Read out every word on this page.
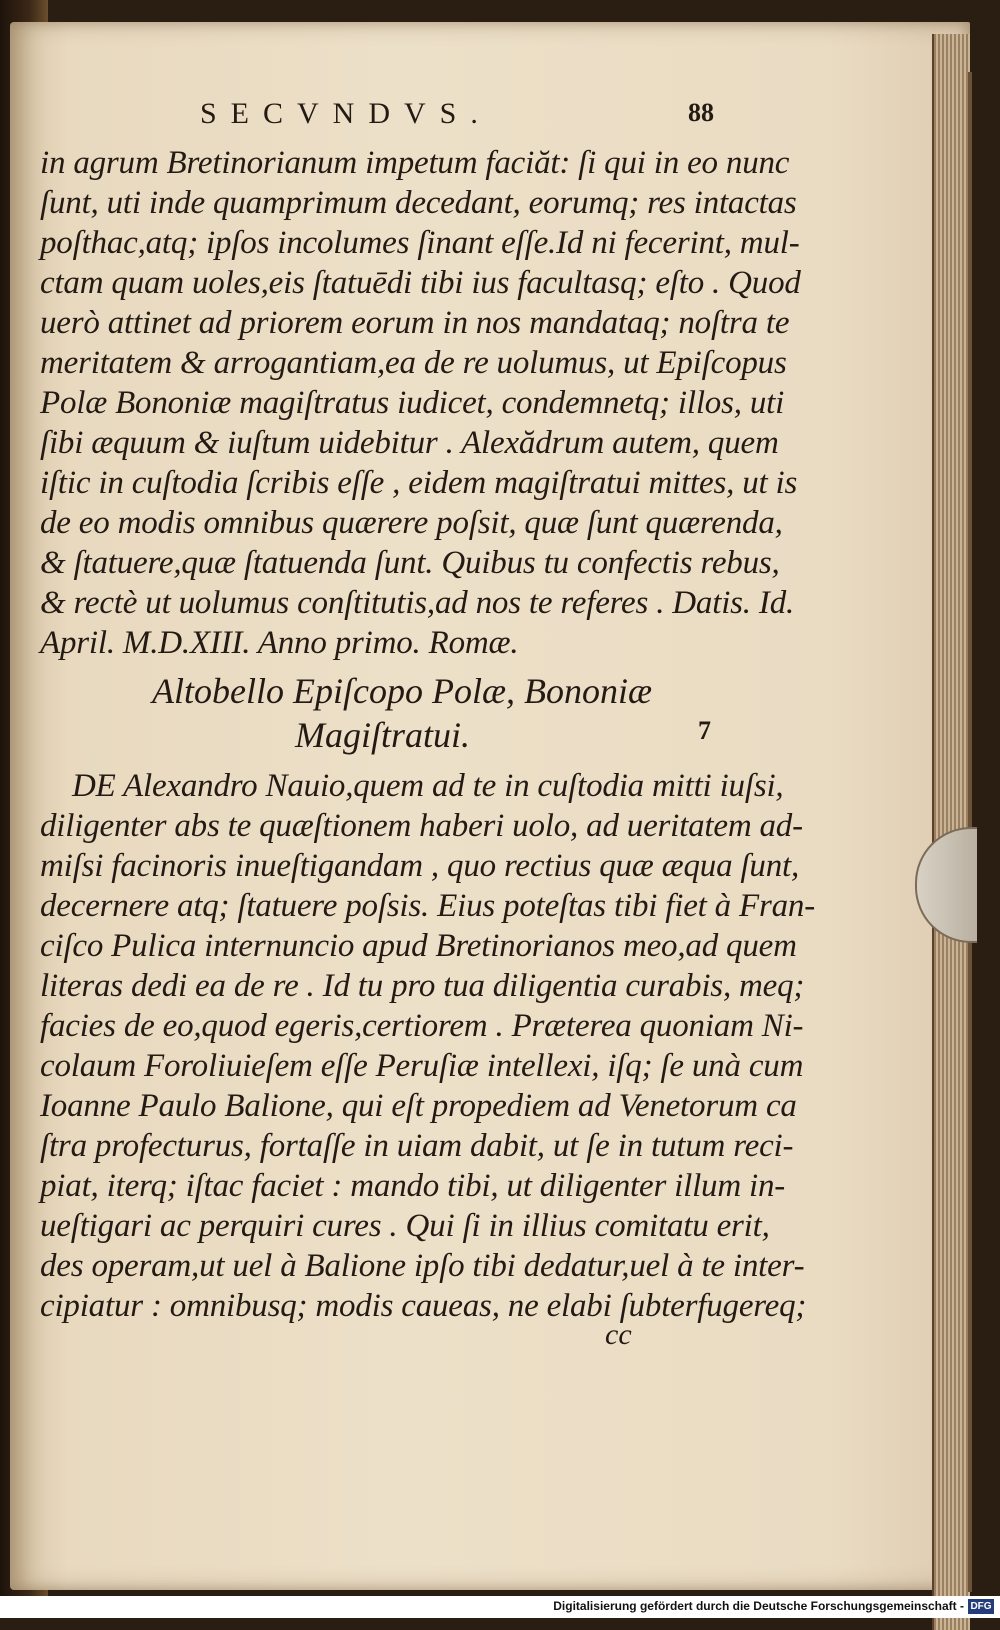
SECVNDVS.	88
in agrum Bretinorianum impetum faciăt: ſi qui in eo nunc
ſunt, uti inde quamprimum decedant, eorumq; res intactas
poſthac,atq; ipſos incolumes ſinant eſſe.Id ni fecerint, mul-
ctam quam uoles,eis ſtatuēdi tibi ius facultasq; eſto . Quod
uerò attinet ad priorem eorum in nos mandataq; noſtra te
meritatem & arrogantiam,ea de re uolumus, ut Epiſcopus
Polæ Bononiæ magiſtratus iudicet, condemnetq; illos, uti
ſibi æquum & iuſtum uidebitur . Alexădrum autem, quem
iſtic in cuſtodia ſcribis eſſe , eidem magiſtratui mittes, ut is
de eo modis omnibus quærere poſsit, quæ ſunt quærenda,
& ſtatuere,quæ ſtatuenda ſunt. Quibus tu confectis rebus,
& rectè ut uolumus conſtitutis,ad nos te referes . Datis. Id.
April. M.D.XIII. Anno primo. Romæ.
Altobello Epiſcopo Polæ, Bononiæ
Magiſtratui.	7
DE Alexandro Nauio,quem ad te in cuſtodia mitti iuſsi,
diligenter abs te quæſtionem haberi uolo, ad ueritatem ad-
miſsi facinoris inueſtigandam , quo rectius quæ æqua ſunt,
decernere atq; ſtatuere poſsis. Eius poteſtas tibi fiet à Fran-
ciſco Pulica internuncio apud Bretinorianos meo,ad quem
literas dedi ea de re . Id tu pro tua diligentia curabis, meq;
facies de eo,quod egeris,certiorem . Præterea quoniam Ni-
colaum Foroliuieſem eſſe Peruſiæ intellexi, iſq; ſe unà cum
Ioanne Paulo Balione, qui eſt propediem ad Venetorum ca
ſtra profecturus, fortaſſe in uiam dabit, ut ſe in tutum reci-
piat, iterq; iſtac faciet : mando tibi, ut diligenter illum in-
ueſtigari ac perquiri cures . Qui ſi in illius comitatu erit,
des operam,ut uel à Balione ipſo tibi dedatur,uel à te inter-
cipiatur : omnibusq; modis caueas, ne elabi ſubterfugereq;
cc
Digitalisierung gefördert durch die Deutsche Forschungsgemeinschaft - DFG
